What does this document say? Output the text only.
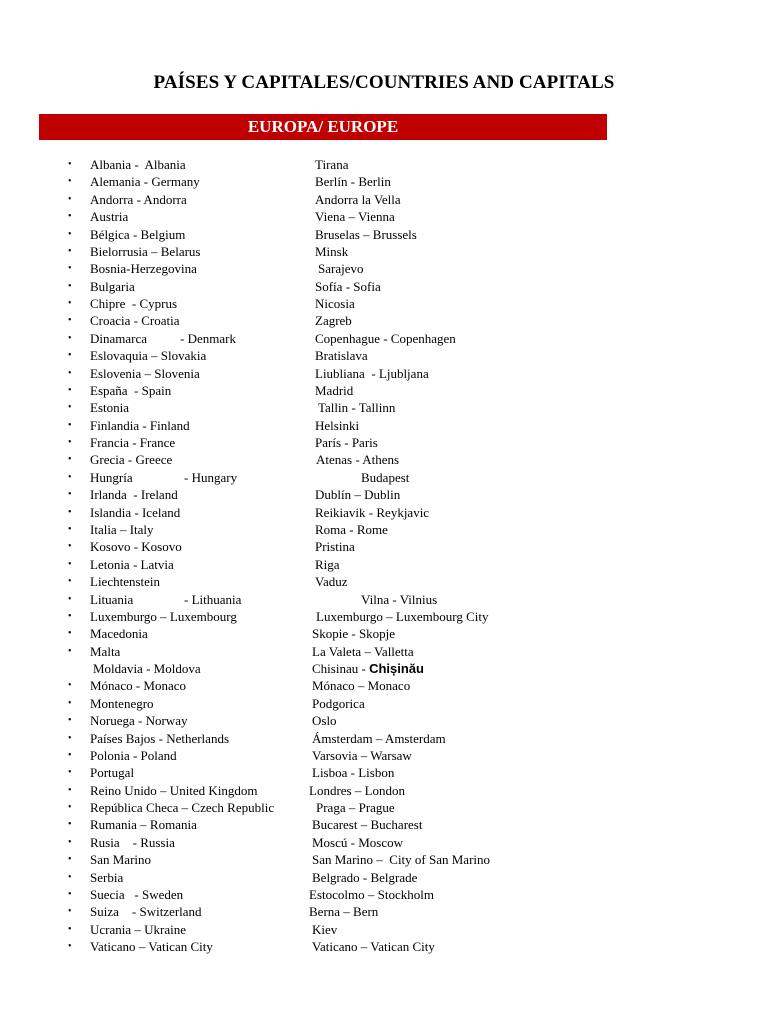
PAÍSES Y CAPITALES/COUNTRIES AND CAPITALS
EUROPA/ EUROPE
• Albania -  Albania	Tirana
• Alemania - Germany	Berlín - Berlin
• Andorra - Andorra	Andorra la Vella
• Austria	Viena – Vienna
• Bélgica - Belgium	Bruselas – Brussels
• Bielorrusia – Belarus	Minsk
• Bosnia-Herzegovina	Sarajevo
• Bulgaria	Sofía - Sofia
• Chipre  - Cyprus	Nicosia
• Croacia - Croatia	Zagreb
• Dinamarca	- Denmark	Copenhague - Copenhagen
• Eslovaquia – Slovakia	Bratislava
• Eslovenia – Slovenia	Liubliana  - Ljubljana
• España  - Spain	Madrid
• Estonia	Tallin - Tallinn
• Finlandia - Finland	Helsinki
• Francia - France	París - Paris
• Grecia - Greece	Atenas - Athens
• Hungría	- Hungary	Budapest
• Irlanda  - Ireland	Dublín – Dublin
• Islandia - Iceland	Reikiavik - Reykjavic
• Italia – Italy	Roma - Rome
• Kosovo - Kosovo	Pristina
• Letonia - Latvia	Riga
• Liechtenstein	Vaduz
• Lituania	- Lithuania	Vilna - Vilnius
• Luxemburgo – Luxembourg	Luxemburgo – Luxembourg City
• Macedonia	Skopie - Skopje
• Malta	La Valeta – Valletta
Moldavia - Moldova	Chisinau - Chișinău
• Mónaco - Monaco	Mónaco – Monaco
• Montenegro	Podgorica
• Noruega - Norway	Oslo
• Países Bajos - Netherlands	Ámsterdam – Amsterdam
• Polonia - Poland	Varsovia – Warsaw
• Portugal	Lisboa - Lisbon
• Reino Unido – United Kingdom	Londres – London
• República Checa – Czech Republic	Praga – Prague
• Rumania – Romania	Bucarest – Bucharest
• Rusia    - Russia	Moscú - Moscow
• San Marino	San Marino –  City of San Marino
• Serbia	Belgrado - Belgrade
• Suecia   - Sweden	Estocolmo – Stockholm
• Suiza    - Switzerland	Berna – Bern
• Ucrania – Ukraine	Kiev
• Vaticano – Vatican City	Vaticano – Vatican City
